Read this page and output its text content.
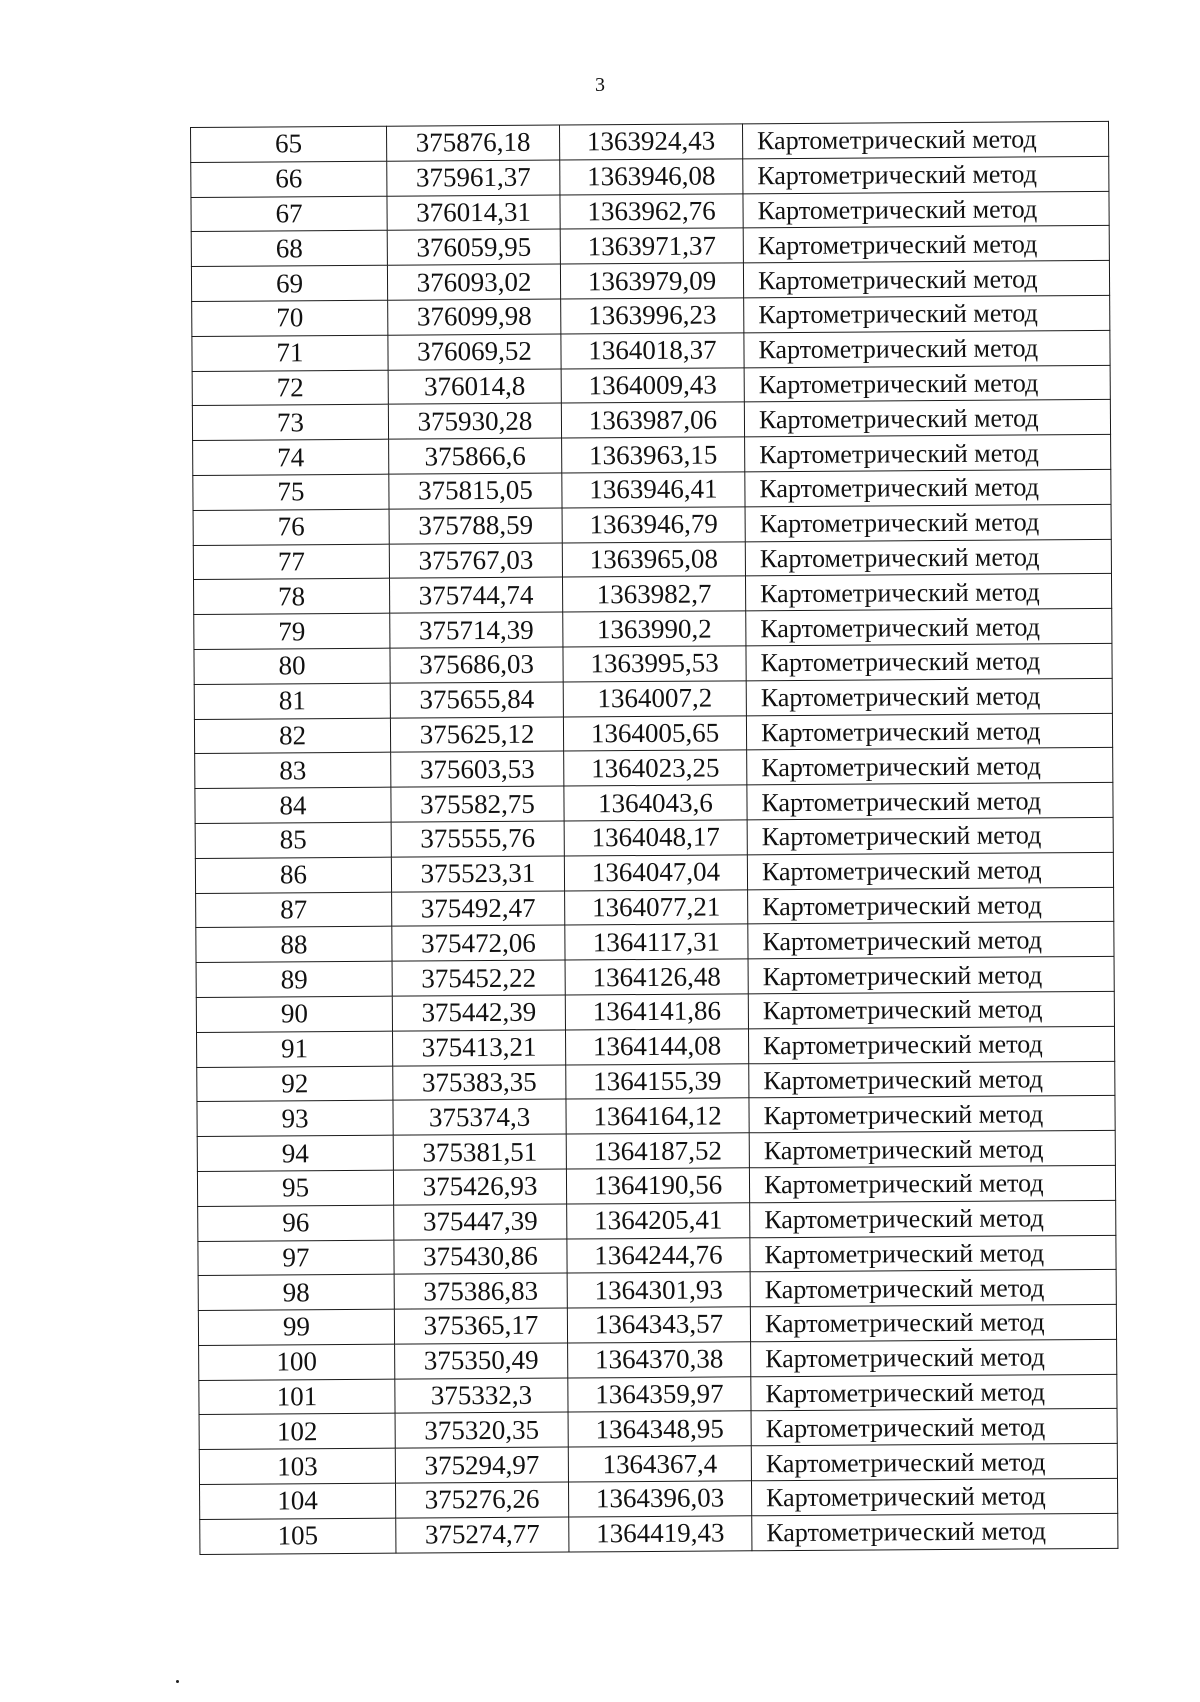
3
65	375876,18	1363924,43	Картометрический метод
66	375961,37	1363946,08	Картометрический метод
67	376014,31	1363962,76	Картометрический метод
68	376059,95	1363971,37	Картометрический метод
69	376093,02	1363979,09	Картометрический метод
70	376099,98	1363996,23	Картометрический метод
71	376069,52	1364018,37	Картометрический метод
72	376014,8	1364009,43	Картометрический метод
73	375930,28	1363987,06	Картометрический метод
74	375866,6	1363963,15	Картометрический метод
75	375815,05	1363946,41	Картометрический метод
76	375788,59	1363946,79	Картометрический метод
77	375767,03	1363965,08	Картометрический метод
78	375744,74	1363982,7	Картометрический метод
79	375714,39	1363990,2	Картометрический метод
80	375686,03	1363995,53	Картометрический метод
81	375655,84	1364007,2	Картометрический метод
82	375625,12	1364005,65	Картометрический метод
83	375603,53	1364023,25	Картометрический метод
84	375582,75	1364043,6	Картометрический метод
85	375555,76	1364048,17	Картометрический метод
86	375523,31	1364047,04	Картометрический метод
87	375492,47	1364077,21	Картометрический метод
88	375472,06	1364117,31	Картометрический метод
89	375452,22	1364126,48	Картометрический метод
90	375442,39	1364141,86	Картометрический метод
91	375413,21	1364144,08	Картометрический метод
92	375383,35	1364155,39	Картометрический метод
93	375374,3	1364164,12	Картометрический метод
94	375381,51	1364187,52	Картометрический метод
95	375426,93	1364190,56	Картометрический метод
96	375447,39	1364205,41	Картометрический метод
97	375430,86	1364244,76	Картометрический метод
98	375386,83	1364301,93	Картометрический метод
99	375365,17	1364343,57	Картометрический метод
100	375350,49	1364370,38	Картометрический метод
101	375332,3	1364359,97	Картометрический метод
102	375320,35	1364348,95	Картометрический метод
103	375294,97	1364367,4	Картометрический метод
104	375276,26	1364396,03	Картометрический метод
105	375274,77	1364419,43	Картометрический метод
